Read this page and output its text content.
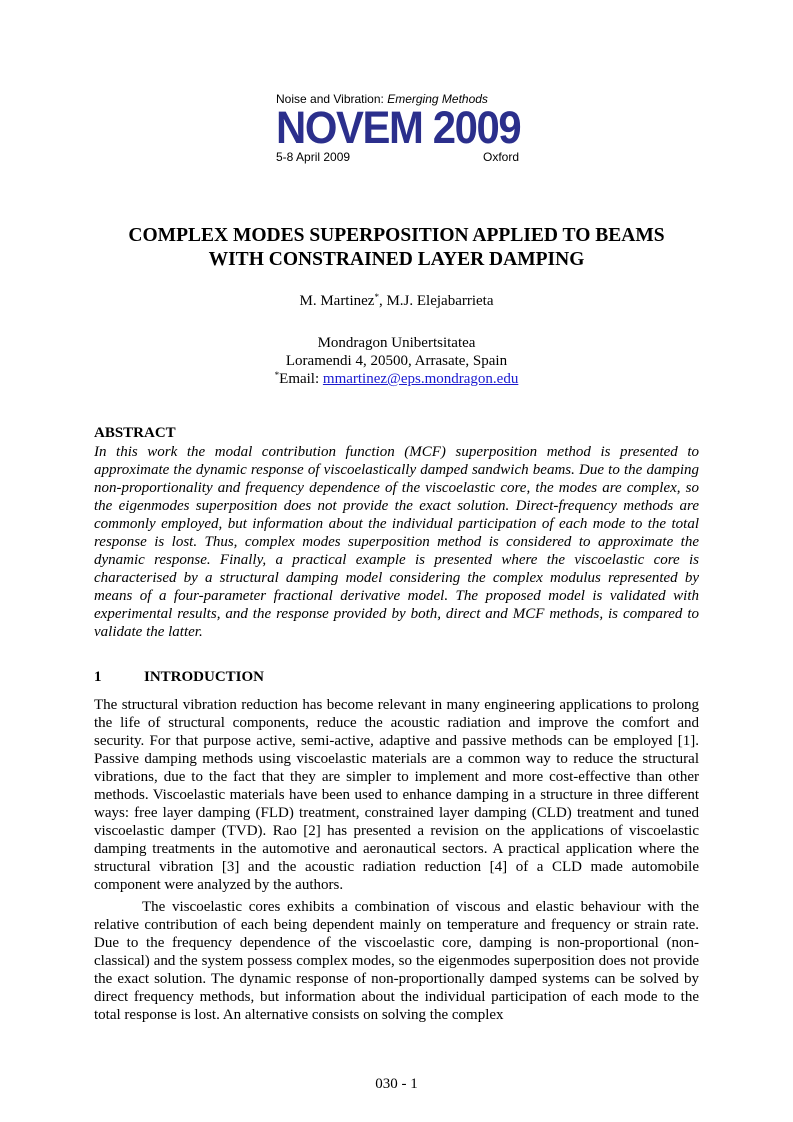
Noise and Vibration: Emerging Methods
NOVEM 2009
5-8 April 2009	Oxford
COMPLEX MODES SUPERPOSITION APPLIED TO BEAMS
WITH CONSTRAINED LAYER DAMPING
M. Martinez*, M.J. Elejabarrieta
Mondragon Unibertsitatea
Loramendi 4, 20500, Arrasate, Spain
*Email: mmartinez@eps.mondragon.edu
ABSTRACT
In this work the modal contribution function (MCF) superposition method is presented to approximate the dynamic response of viscoelastically damped sandwich beams. Due to the damping non-proportionality and frequency dependence of the viscoelastic core, the modes are complex, so the eigenmodes superposition does not provide the exact solution. Direct-frequency methods are commonly employed, but information about the individual participation of each mode to the total response is lost. Thus, complex modes superposition method is considered to approximate the dynamic response. Finally, a practical example is presented where the viscoelastic core is characterised by a structural damping model considering the complex modulus represented by means of a four-parameter fractional derivative model. The proposed model is validated with experimental results, and the response provided by both, direct and MCF methods, is compared to validate the latter.
1	INTRODUCTION
The structural vibration reduction has become relevant in many engineering applications to prolong the life of structural components, reduce the acoustic radiation and improve the comfort and security. For that purpose active, semi-active, adaptive and passive methods can be employed [1]. Passive damping methods using viscoelastic materials are a common way to reduce the structural vibrations, due to the fact that they are simpler to implement and more cost-effective than other methods. Viscoelastic materials have been used to enhance damping in a structure in three different ways: free layer damping (FLD) treatment, constrained layer damping (CLD) treatment and tuned viscoelastic damper (TVD). Rao [2] has presented a revision on the applications of viscoelastic damping treatments in the automotive and aeronautical sectors. A practical application where the structural vibration [3] and the acoustic radiation reduction [4] of a CLD made automobile component were analyzed by the authors.
The viscoelastic cores exhibits a combination of viscous and elastic behaviour with the relative contribution of each being dependent mainly on temperature and frequency or strain rate. Due to the frequency dependence of the viscoelastic core, damping is non-proportional (non-classical) and the system possess complex modes, so the eigenmodes superposition does not provide the exact solution. The dynamic response of non-proportionally damped systems can be solved by direct frequency methods, but information about the individual participation of each mode to the total response is lost. An alternative consists on solving the complex
030 - 1
